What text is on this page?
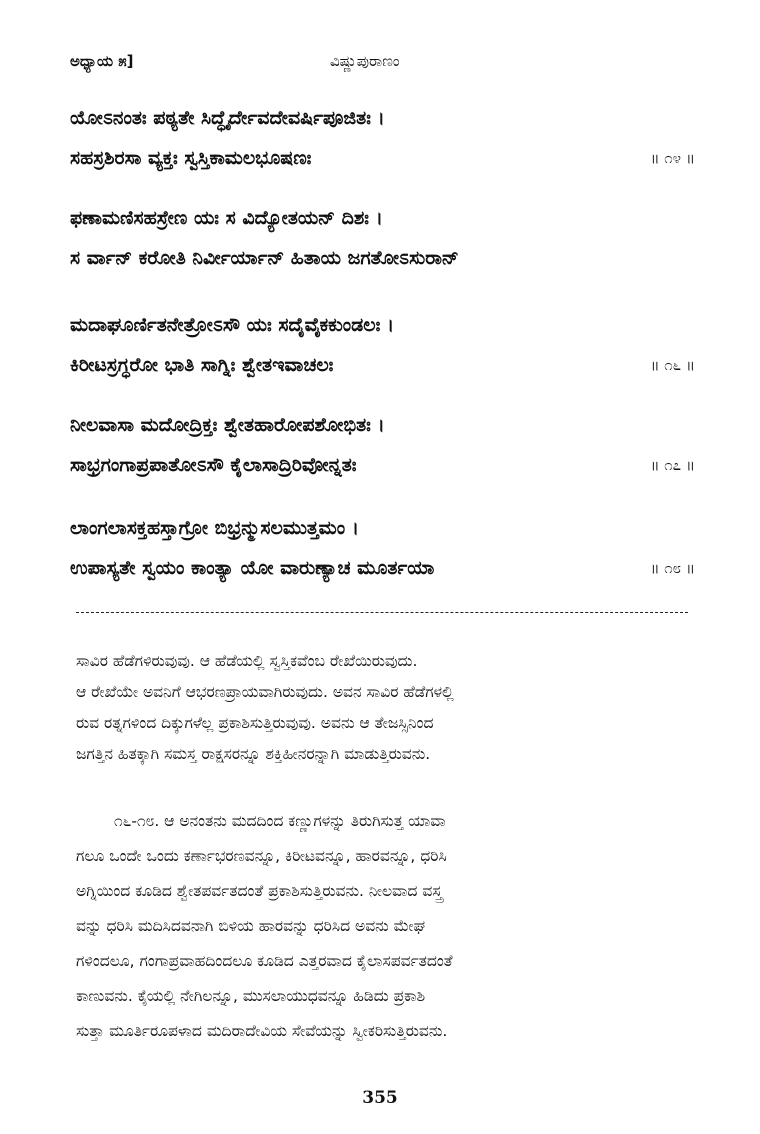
ಅಧ್ಯಾಯ ೫]	ವಿಷ್ಣುಪುರಾಣಂ
ಯೋಽನಂತಃ ಪಠ್ಯತೇ ಸಿದ್ಧೈರ್ದೇವದೇವರ್ಷಿಪೂಜಿತಃ ।
ಸಹಸ್ರಶಿರಸಾ ವ್ಯಕ್ತಃ ಸ್ವಸ್ತಿಕಾಮಲಭೂಷಣಃ	॥ ೧೪ ॥
ಫಣಾಮಣಿಸಹಸ್ರೇಣ ಯಃ ಸ ವಿದ್ಯೋತಯನ್ ದಿಶಃ ।
ಸ ರ್ವಾನ್ ಕರೋತಿ ನಿರ್ವೀರ್ಯಾನ್ ಹಿತಾಯ ಜಗತೋಽಸುರಾನ್
ಮದಾಘೂರ್ಣಿತನೇತ್ರೋಽಸೌ ಯಃ ಸದೈವೈಕಕುಂಡಲಃ ।
ಕಿರೀಟಸ್ರಗ್ಧರೋ ಭಾತಿ ಸಾಗ್ನಿಃ ಶ್ವೇತಇವಾಚಲಃ	॥ ೧೬ ॥
ನೀಲವಾಸಾ ಮದೋದ್ರಿಕ್ತಃ ಶ್ವೇತಹಾರೋಪಶೋಭಿತಃ ।
ಸಾಭ್ರಗಂಗಾಪ್ರಪಾತೋಽಸೌ ಕೈಲಾಸಾದ್ರಿರಿವೋನ್ನತಃ	॥ ೧೭ ॥
ಲಾಂಗಲಾಸಕ್ತಹಸ್ತಾಗ್ರೋ ಬಿಭ್ರನ್ಮುಸಲಮುತ್ತಮಂ ।
ಉಪಾಸ್ಯತೇ ಸ್ವಯಂ ಕಾಂತ್ಯಾ ಯೋ ವಾರುಣ್ಯಾಚ ಮೂರ್ತಯಾ	॥ ೧೮ ॥
ಸಾವಿರ ಹೆಡೆಗಳಿರುವುವು. ಆ ಹೆಡೆಯಲ್ಲಿ ಸ್ವಸ್ತಿಕವೆಂಬ ರೇಖೆಯಿರುವುದು.
ಆ ರೇಖೆಯೇ ಅವನಿಗೆ ಆಭರಣಪ್ರಾಯವಾಗಿರುವುದು. ಅವನ ಸಾವಿರ ಹೆಡೆಗಳಲ್ಲಿ
ರುವ ರತ್ನಗಳಿಂದ ದಿಕ್ಕುಗಳೆಲ್ಲ ಪ್ರಕಾಶಿಸುತ್ತಿರುವುವು. ಅವನು ಆ ತೇಜಸ್ಸಿನಿಂದ
ಜಗತ್ತಿನ ಹಿತಕ್ಕಾಗಿ ಸಮಸ್ತ ರಾಕ್ಷಸರನ್ನೂ ಶಕ್ತಿಹೀನರನ್ನಾಗಿ ಮಾಡುತ್ತಿರುವನು.
೧೬-೧೮. ಆ ಅನಂತನು ಮದದಿಂದ ಕಣ್ಣುಗಳನ್ನು ತಿರುಗಿಸುತ್ತ ಯಾವಾ
ಗಲೂ ಒಂದೇ ಒಂದು ಕರ್ಣಾಭರಣವನ್ನೂ, ಕಿರೀಟವನ್ನೂ, ಹಾರವನ್ನೂ, ಧರಿಸಿ
ಅಗ್ನಿಯಿಂದ ಕೂಡಿದ ಶ್ವೇತಪರ್ವತದಂತೆ ಪ್ರಕಾಶಿಸುತ್ತಿರುವನು. ನೀಲವಾದ ವಸ್ತ್ರ
ವನ್ನು ಧರಿಸಿ ಮದಿಸಿದವನಾಗಿ ಬಿಳಿಯ ಹಾರವನ್ನು ಧರಿಸಿದ ಅವನು ಮೇಘ
ಗಳಿಂದಲೂ, ಗಂಗಾಪ್ರವಾಹದಿಂದಲೂ ಕೂಡಿದ ಎತ್ತರವಾದ ಕೈಲಾಸಪರ್ವತದಂತೆ
ಕಾಣುವನು. ಕೈಯಲ್ಲಿ ನೇಗಿಲನ್ನೂ, ಮುಸಲಾಯುಧವನ್ನೂ ಹಿಡಿದು ಪ್ರಕಾಶಿ
ಸುತ್ತಾ ಮೂರ್ತಿರೂಪಳಾದ ಮದಿರಾದೇವಿಯ ಸೇವೆಯನ್ನು ಸ್ವೀಕರಿಸುತ್ತಿರುವನು.
355
